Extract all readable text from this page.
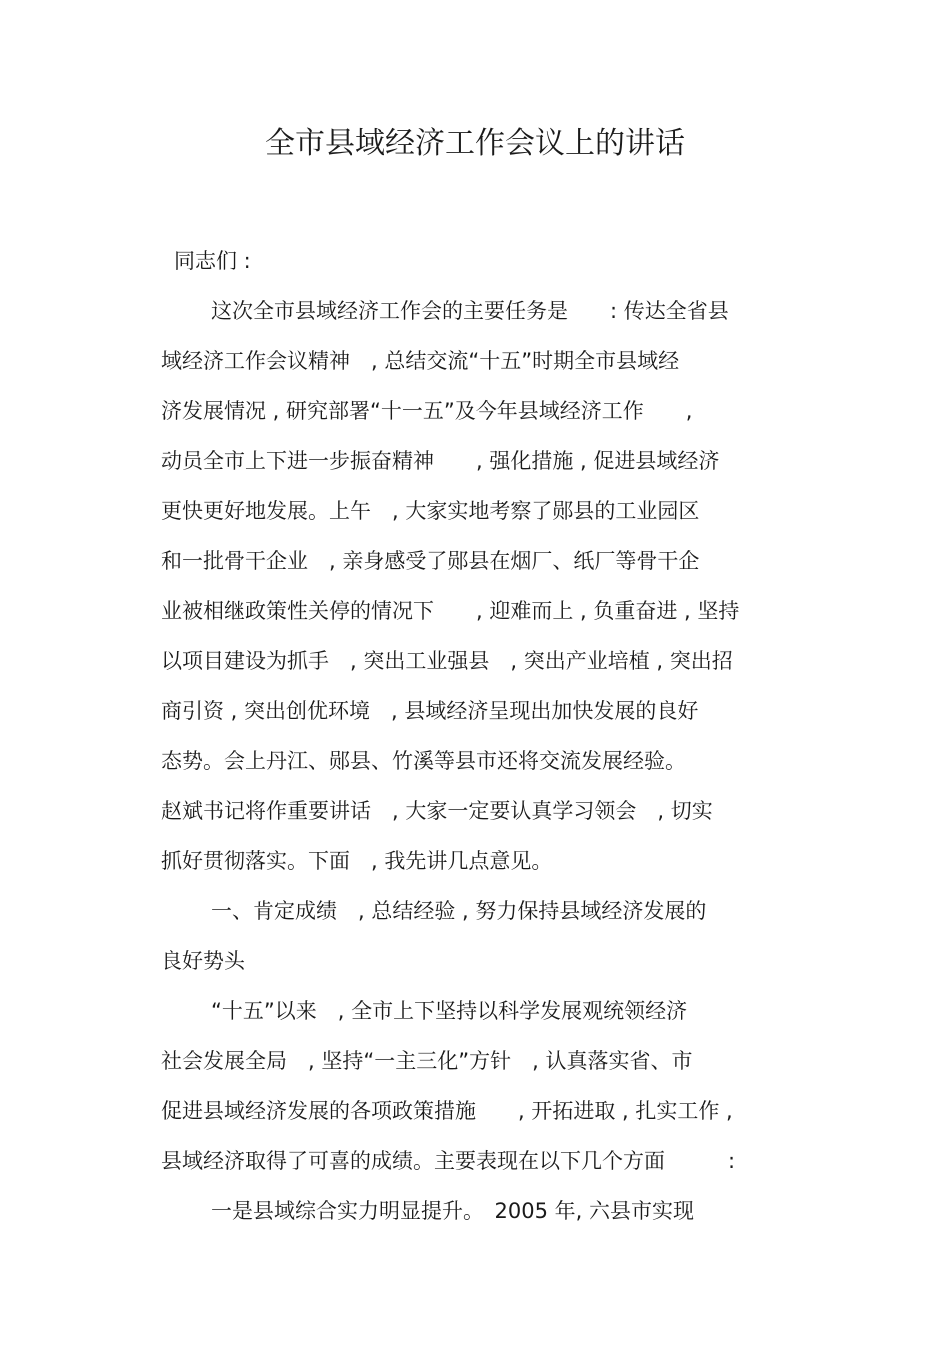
全市县域经济工作会议上的讲话
同志们 :
这次全市县域经济工作会的主要任务是　　: 传达全省县
域经济工作会议精神　, 总结交流“十五”时期全市县域经
济发展情况 , 研究部署“十一五”及今年县域经济工作　　,
动员全市上下进一步振奋精神　　, 强化措施 , 促进县域经济
更快更好地发展。上午　, 大家实地考察了郧县的工业园区
和一批骨干企业　, 亲身感受了郧县在烟厂、纸厂等骨干企
业被相继政策性关停的情况下　　, 迎难而上 , 负重奋进 , 坚持
以项目建设为抓手　, 突出工业强县　, 突出产业培植 , 突出招
商引资 , 突出创优环境　, 县域经济呈现出加快发展的良好
态势。会上丹江、郧县、竹溪等县市还将交流发展经验。
赵斌书记将作重要讲话　, 大家一定要认真学习领会　, 切实
抓好贯彻落实。下面　, 我先讲几点意见。
一、肯定成绩　, 总结经验 , 努力保持县域经济发展的
良好势头
“十五”以来　, 全市上下坚持以科学发展观统领经济
社会发展全局　, 坚持“一主三化”方针　, 认真落实省、市
促进县域经济发展的各项政策措施　　, 开拓进取 , 扎实工作 ,
县域经济取得了可喜的成绩。主要表现在以下几个方面　　　:
一是县域综合实力明显提升。　2005 年, 六县市实现
